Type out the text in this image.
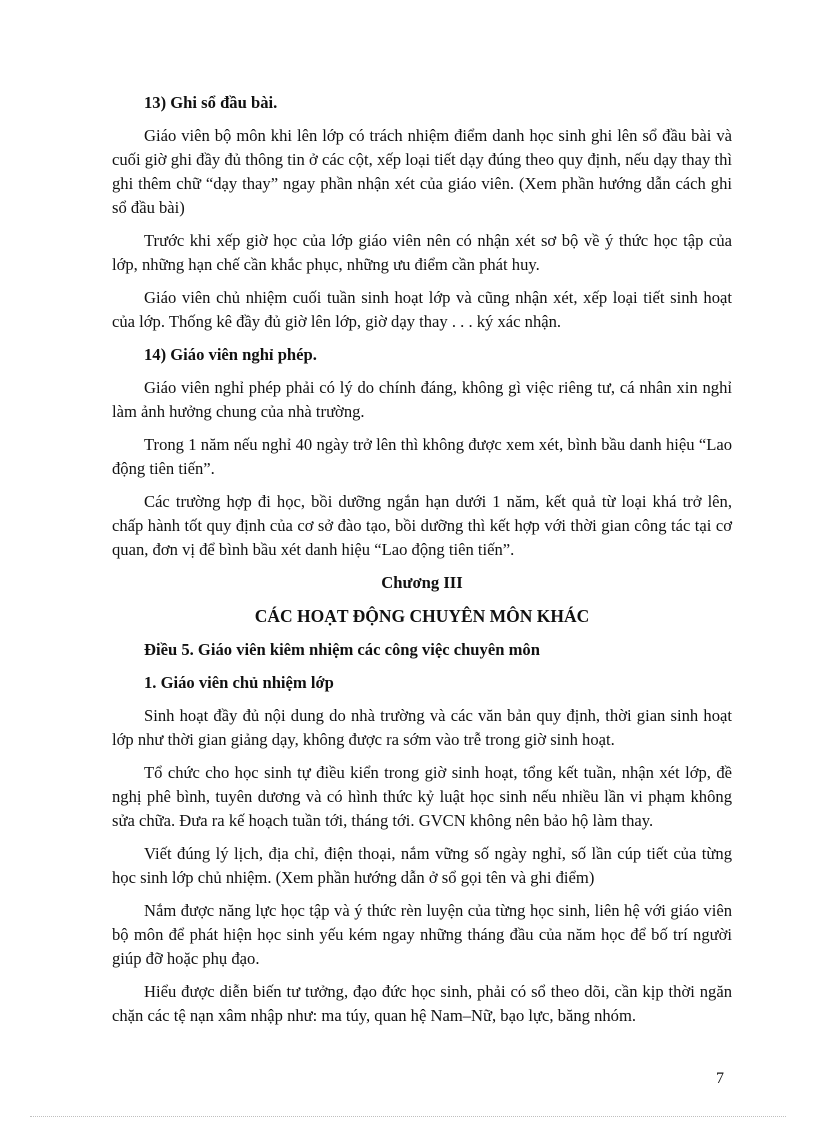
13) Ghi sổ đầu bài.

Giáo viên bộ môn khi lên lớp có trách nhiệm điểm danh học sinh ghi lên sổ đầu bài và cuối giờ ghi đầy đủ thông tin ở các cột, xếp loại tiết dạy đúng theo quy định, nếu dạy thay thì ghi thêm chữ “dạy thay” ngay phần nhận xét của giáo viên. (Xem phần hướng dẫn cách ghi sổ đầu bài)

Trước khi xếp giờ học của lớp giáo viên nên có nhận xét sơ bộ về ý thức học tập của lớp, những hạn chế cần khắc phục, những ưu điểm cần phát huy.

Giáo viên chủ nhiệm cuối tuần sinh hoạt lớp và cũng nhận xét, xếp loại tiết sinh hoạt của lớp. Thống kê đầy đủ giờ lên lớp, giờ dạy thay . . . ký xác nhận.

14) Giáo viên nghỉ phép.

Giáo viên nghỉ phép phải có lý do chính đáng, không gì việc riêng tư, cá nhân xin nghỉ làm ảnh hưởng chung của nhà trường.

Trong 1 năm nếu nghỉ 40 ngày trở lên thì không được xem xét, bình bầu danh hiệu “Lao động tiên tiến”.

Các trường hợp đi học, bồi dưỡng ngắn hạn dưới 1 năm, kết quả từ loại khá trở lên, chấp hành tốt quy định của cơ sở đào tạo, bồi dưỡng thì kết hợp với thời gian công tác tại cơ quan, đơn vị để bình bầu xét danh hiệu “Lao động tiên tiến”.

Chương III

CÁC HOẠT ĐỘNG CHUYÊN MÔN KHÁC

Điều 5. Giáo viên kiêm nhiệm các công việc chuyên môn

1. Giáo viên chủ nhiệm lớp

Sinh hoạt đầy đủ nội dung do nhà trường và các văn bản quy định, thời gian sinh hoạt lớp như thời gian giảng dạy, không được ra sớm vào trễ trong giờ sinh hoạt.

Tổ chức cho học sinh tự điều kiển trong giờ sinh hoạt, tổng kết tuần, nhận xét lớp, đề nghị phê bình, tuyên dương và có hình thức kỷ luật học sinh nếu nhiều lần vi phạm không sửa chữa. Đưa ra kế hoạch tuần tới, tháng tới. GVCN không nên bảo hộ làm thay.

Viết đúng lý lịch, địa chỉ, điện thoại, nắm vững số ngày nghỉ, số lần cúp tiết của từng học sinh lớp chủ nhiệm. (Xem phần hướng dẫn ở sổ gọi tên và ghi điểm)

Nắm được năng lực học tập và ý thức rèn luyện của từng học sinh, liên hệ với giáo viên bộ môn để phát hiện học sinh yếu kém ngay những tháng đầu của năm học để bố trí người giúp đỡ hoặc phụ đạo.

Hiểu được diễn biến tư tưởng, đạo đức học sinh, phải có sổ theo dõi, cần kịp thời ngăn chặn các tệ nạn xâm nhập như: ma túy, quan hệ Nam–Nữ, bạo lực, băng nhóm.

7
